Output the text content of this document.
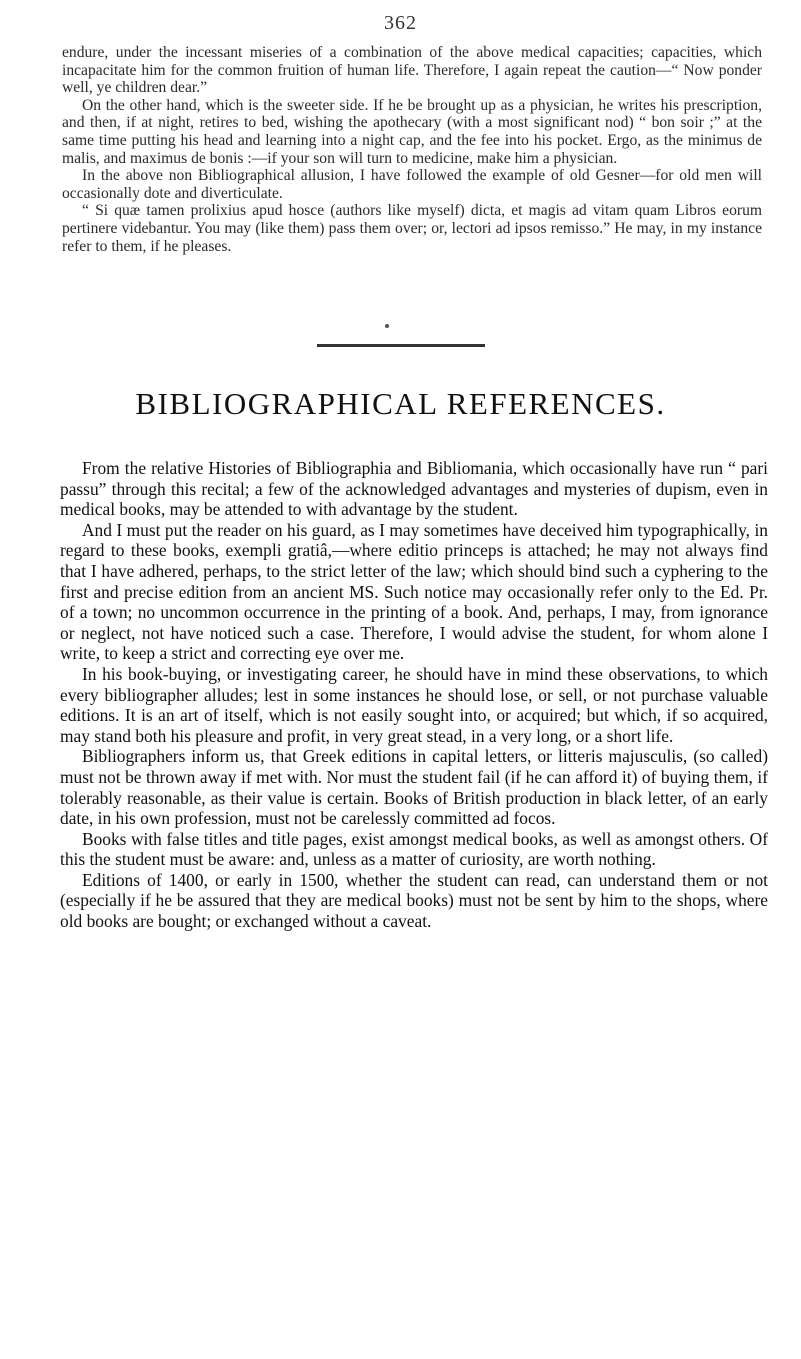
362

endure, under the incessant miseries of a combination of the above medical capacities; capacities, which incapacitate him for the common fruition of human life. Therefore, I again repeat the caution—“ Now ponder well, ye children dear.”

On the other hand, which is the sweeter side. If he be brought up as a physician, he writes his prescription, and then, if at night, retires to bed, wishing the apothecary (with a most significant nod) “ bon soir ;” at the same time putting his head and learning into a night cap, and the fee into his pocket. Ergo, as the minimus de malis, and maximus de bonis :—if your son will turn to medicine, make him a physician.

In the above non Bibliographical allusion, I have followed the example of old Gesner—for old men will occasionally dote and diverticulate.

“ Si quæ tamen prolixius apud hosce (authors like myself) dicta, et magis ad vitam quam Libros eorum pertinere videbantur. You may (like them) pass them over; or, lectori ad ipsos remisso.” He may, in my instance refer to them, if he pleases.

BIBLIOGRAPHICAL REFERENCES.

From the relative Histories of Bibliographia and Bibliomania, which occasionally have run “ pari passu” through this recital; a few of the acknowledged advantages and mysteries of dupism, even in medical books, may be attended to with advantage by the student.

And I must put the reader on his guard, as I may sometimes have deceived him typographically, in regard to these books, exempli gratiâ,—where editio princeps is attached; he may not always find that I have adhered, perhaps, to the strict letter of the law; which should bind such a cyphering to the first and precise edition from an ancient MS. Such notice may occasionally refer only to the Ed. Pr. of a town; no uncommon occurrence in the printing of a book. And, perhaps, I may, from ignorance or neglect, not have noticed such a case. Therefore, I would advise the student, for whom alone I write, to keep a strict and correcting eye over me.

In his book-buying, or investigating career, he should have in mind these observations, to which every bibliographer alludes; lest in some instances he should lose, or sell, or not purchase valuable editions. It is an art of itself, which is not easily sought into, or acquired; but which, if so acquired, may stand both his pleasure and profit, in very great stead, in a very long, or a short life.

Bibliographers inform us, that Greek editions in capital letters, or litteris majusculis, (so called) must not be thrown away if met with. Nor must the student fail (if he can afford it) of buying them, if tolerably reasonable, as their value is certain. Books of British production in black letter, of an early date, in his own profession, must not be carelessly committed ad focos.

Books with false titles and title pages, exist amongst medical books, as well as amongst others. Of this the student must be aware: and, unless as a matter of curiosity, are worth nothing.

Editions of 1400, or early in 1500, whether the student can read, can understand them or not (especially if he be assured that they are medical books) must not be sent by him to the shops, where old books are bought; or exchanged without a caveat.
